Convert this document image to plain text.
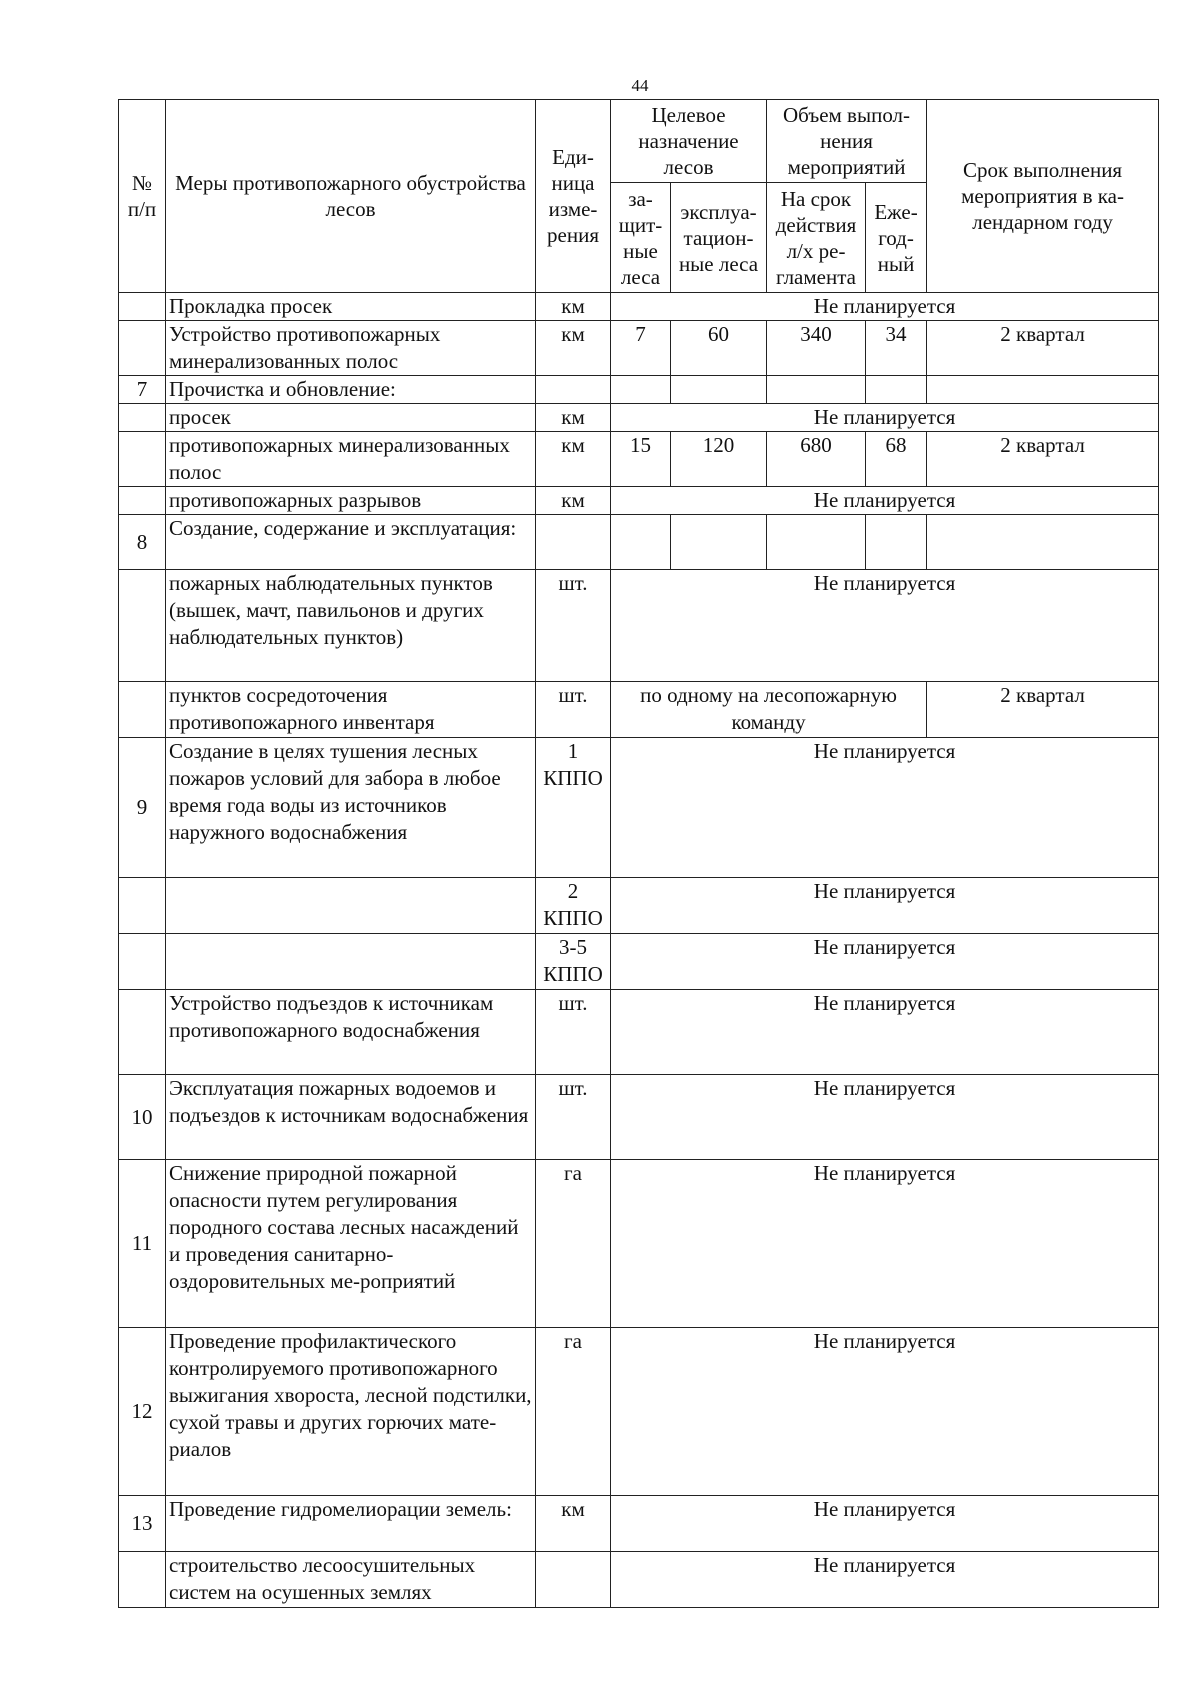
44
№ п/п	Меры противопожарного обустройства лесов	Еди-ница изме-рения	Целевое назначение лесов		Объем выпол-нения мероприятий		Срок выполнения мероприятия в ка-лендарном году
			за-щит-ные леса	эксплуа-тацион-ные леса	На срок действия л/х ре-гламента	Еже-год-ный	
	Прокладка просек	км	Не планируется				
	Устройство противопожарных минерализованных полос	км	7	60	340	34	2 квартал
7	Прочистка и обновление:						
	просек	км	Не планируется				
	противопожарных минерализованных полос	км	15	120	680	68	2 квартал
	противопожарных разрывов	км	Не планируется				
8	Создание, содержание и эксплуатация:						
	пожарных наблюдательных пунктов (вышек, мачт, павильонов и других наблюдательных пунктов)	шт.	Не планируется				
	пунктов сосредоточения противопожарного инвентаря	шт.	по одному на лесопожарную команду				2 квартал
9	Создание в целях тушения лесных пожаров условий для забора в любое время года воды из источников наружного водоснабжения	1 КППО	Не планируется				
		2 КППО	Не планируется				
		3-5 КППО	Не планируется				
	Устройство подъездов к источникам противопожарного водоснабжения	шт.	Не планируется				
10	Эксплуатация пожарных водоемов и подъездов к источникам водоснабжения	шт.	Не планируется				
11	Снижение природной пожарной опасности путем регулирования породного состава лесных насаждений и проведения санитарно-оздоровительных ме-роприятий	га	Не планируется				
12	Проведение профилактического контролируемого противопожарного выжигания хвороста, лесной подстилки, сухой травы и других горючих мате-риалов	га	Не планируется				
13	Проведение гидромелиорации земель:	км	Не планируется				
	строительство лесоосушительных систем на осушенных землях		Не планируется				
